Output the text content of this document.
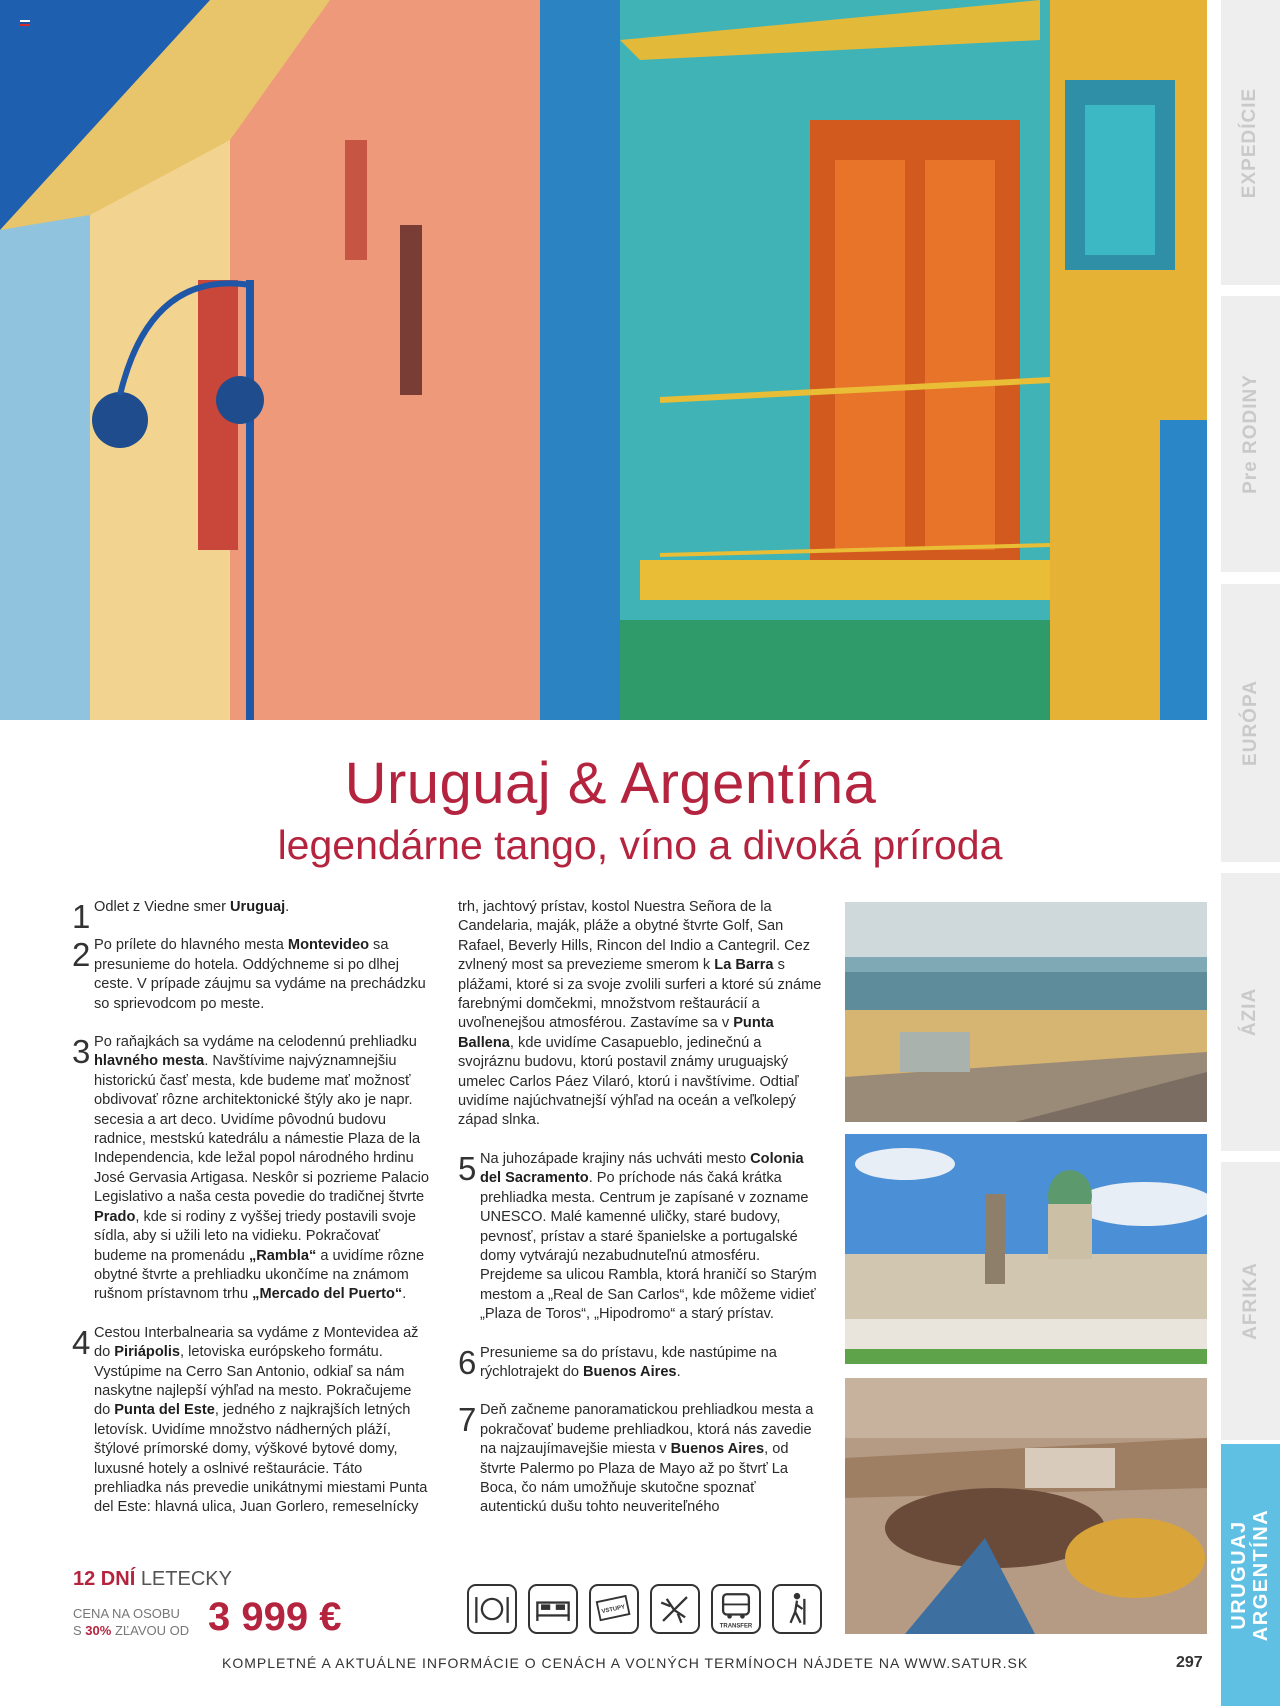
EXPEDÍCIE
Pre RODINY
EURÓPA
ÁZIA
AFRIKA
URUGUAJ
ARGENTÍNA
Uruguaj & Argentína
legendárne tango, víno a divoká príroda
1 Odlet z Viedne smer Uruguaj.

2 Po prílete do hlavného mesta Montevideo sa presunieme do hotela. Oddýchneme si po dlhej ceste. V prípade záujmu sa vydáme na prechádzku so sprievodcom po meste.

3 Po raňajkách sa vydáme na celodennú prehliadku hlavného mesta. Navštívime najvýznamnejšiu historickú časť mesta, kde budeme mať možnosť obdivovať rôzne architektonické štýly ako je napr. secesia a art deco. Uvidíme pôvodnú budovu radnice, mestskú katedrálu a námestie Plaza de la Independencia, kde ležal popol národného hrdinu José Gervasia Artigasa. Neskôr si pozrieme Palacio Legislativo a naša cesta povedie do tradičnej štvrte Prado, kde si rodiny z vyššej triedy postavili svoje sídla, aby si užili leto na vidieku. Pokračovať budeme na promenádu „Rambla“ a uvidíme rôzne obytné štvrte a prehliadku ukončíme na známom rušnom prístavnom trhu „Mercado del Puerto“.

4 Cestou Interbalnearia sa vydáme z Montevidea až do Piriápolis, letoviska európskeho formátu. Vystúpime na Cerro San Antonio, odkiaľ sa nám naskytne najlepší výhľad na mesto. Pokračujeme do Punta del Este, jedného z najkrajších letných letovísk. Uvidíme množstvo nádherných pláží, štýlové prímorské domy, výškové bytové domy, luxusné hotely a oslnivé reštaurácie. Táto prehliadka nás prevedie unikátnymi miestami Punta del Este: hlavná ulica, Juan Gorlero, remeselnícky

trh, jachtový prístav, kostol Nuestra Señora de la Candelaria, maják, pláže a obytné štvrte Golf, San Rafael, Beverly Hills, Rincon del Indio a Cantegril. Cez zvlnený most sa prevezieme smerom k La Barra s plážami, ktoré si za svoje zvolili surferi a ktoré sú známe farebnými domčekmi, množstvom reštaurácií a uvoľnenejšou atmosférou. Zastavíme sa v Punta Ballena, kde uvidíme Casapueblo, jedinečnú a svojráznu budovu, ktorú postavil známy uruguajský umelec Carlos Páez Vilaró, ktorú i navštívime. Odtiaľ uvidíme najúchvatnejší výhľad na oceán a veľkolepý západ slnka.

5 Na juhozápade krajiny nás uchváti mesto Colonia del Sacramento. Po príchode nás čaká krátka prehliadka mesta. Centrum je zapísané v zozname UNESCO. Malé kamenné uličky, staré budovy, pevnosť, prístav a staré španielske a portugalské domy vytvárajú nezabudnuteľnú atmosféru. Prejdeme sa ulicou Rambla, ktorá hraničí so Starým mestom a „Real de San Carlos“, kde môžeme vidieť „Plaza de Toros“, „Hipodromo“ a starý prístav.

6 Presunieme sa do prístavu, kde nastúpime na rýchlotrajekt do Buenos Aires.

7 Deň začneme panoramatickou prehliadkou mesta a pokračovať budeme prehliadkou, ktorá nás zavedie na najzaujímavejšie miesta v Buenos Aires, od štvrte Palermo po Plaza de Mayo až po štvrť La Boca, čo nám umožňuje skutočne spoznať autentickú dušu tohto neuveriteľného

12 DNÍ LETECKY
CENA NA OSOBU
S 30% ZĽAVOU OD 3 999 €	VSTUPY
TRANSFER
KOMPLETNÉ A AKTUÁLNE INFORMÁCIE O CENÁCH A VOĽNÝCH TERMÍNOCH NÁJDETE NA WWW.SATUR.SK	297
